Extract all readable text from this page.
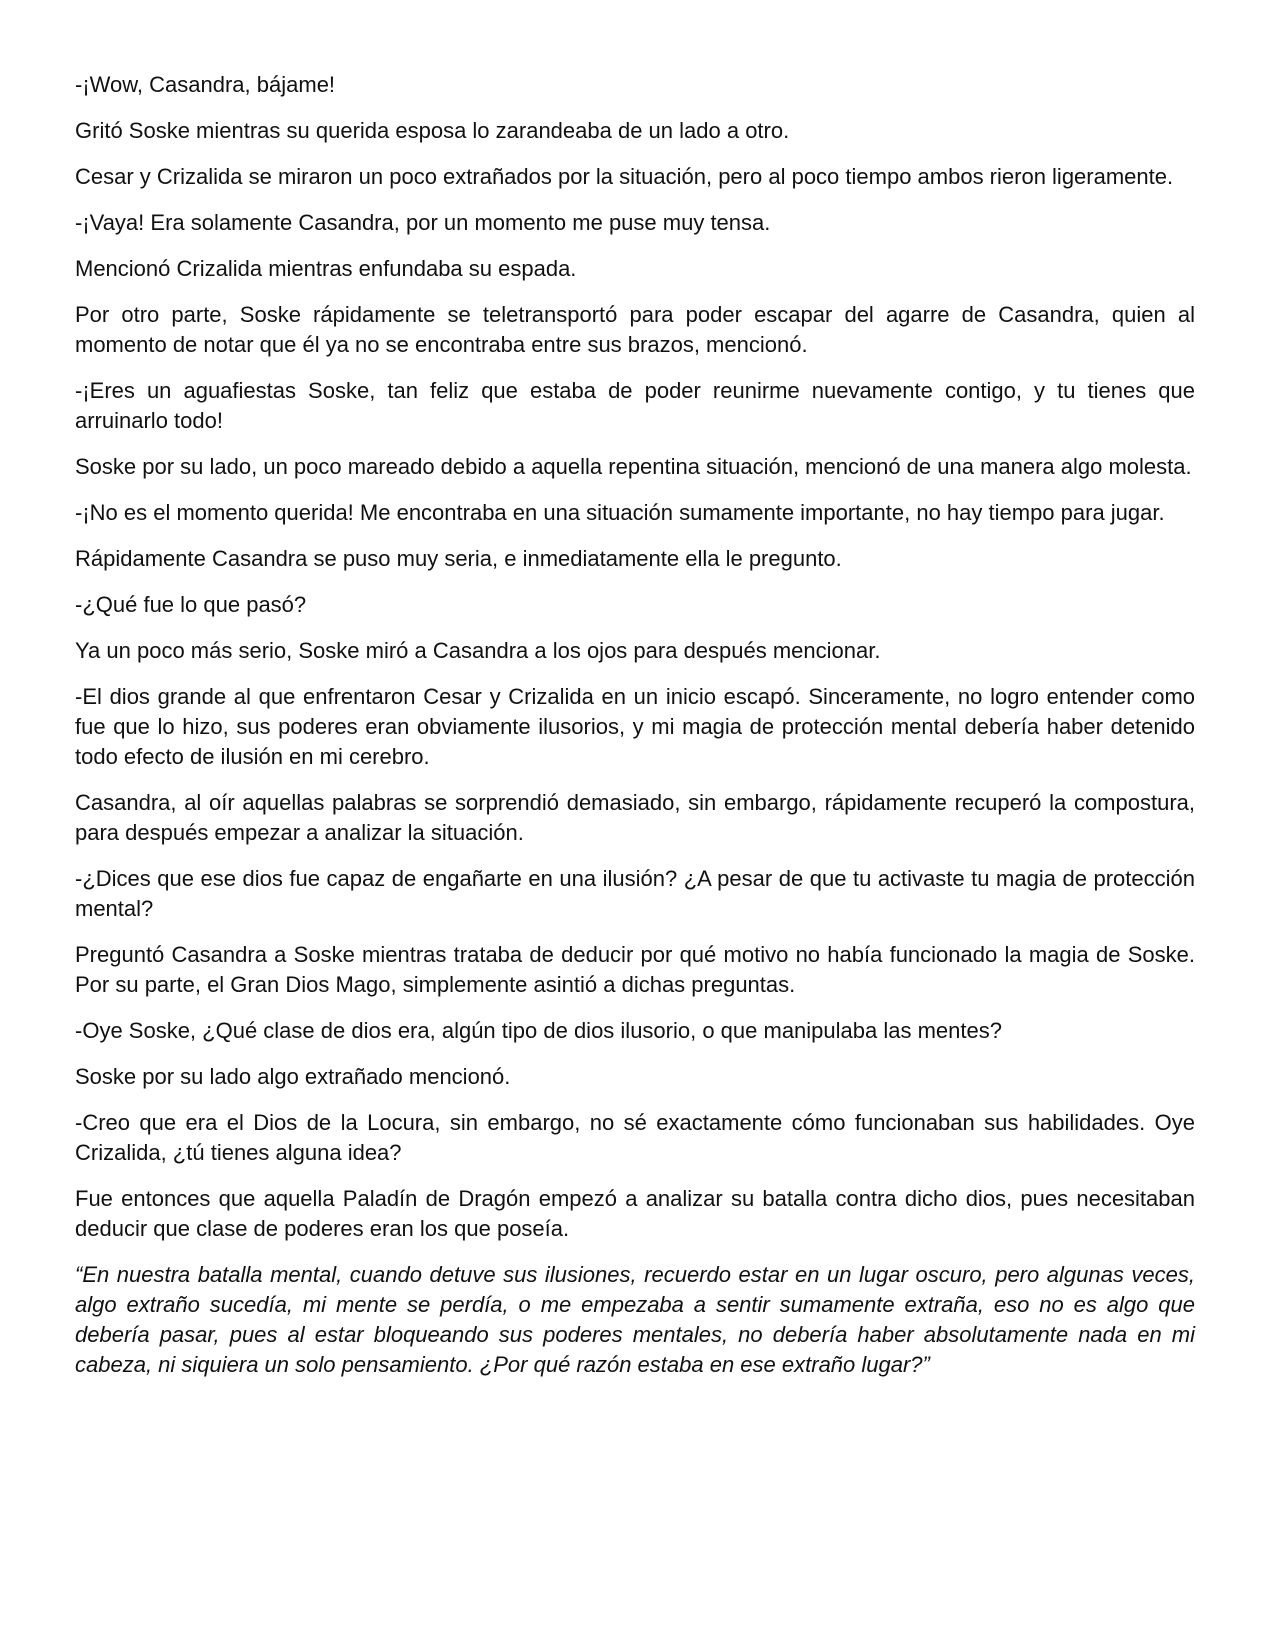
-¡Wow, Casandra, bájame!

Gritó Soske mientras su querida esposa lo zarandeaba de un lado a otro.

Cesar y Crizalida se miraron un poco extrañados por la situación, pero al poco tiempo ambos rieron ligeramente.

-¡Vaya! Era solamente Casandra, por un momento me puse muy tensa.

Mencionó Crizalida mientras enfundaba su espada.

Por otro parte, Soske rápidamente se teletransportó para poder escapar del agarre de Casandra, quien al momento de notar que él ya no se encontraba entre sus brazos, mencionó.

-¡Eres un aguafiestas Soske, tan feliz que estaba de poder reunirme nuevamente contigo, y tu tienes que arruinarlo todo!

Soske por su lado, un poco mareado debido a aquella repentina situación, mencionó de una manera algo molesta.

-¡No es el momento querida! Me encontraba en una situación sumamente importante, no hay tiempo para jugar.

Rápidamente Casandra se puso muy seria, e inmediatamente ella le pregunto.

-¿Qué fue lo que pasó?

Ya un poco más serio, Soske miró a Casandra a los ojos para después mencionar.

-El dios grande al que enfrentaron Cesar y Crizalida en un inicio escapó. Sinceramente, no logro entender como fue que lo hizo, sus poderes eran obviamente ilusorios, y mi magia de protección mental debería haber detenido todo efecto de ilusión en mi cerebro.

Casandra, al oír aquellas palabras se sorprendió demasiado, sin embargo, rápidamente recuperó la compostura, para después empezar a analizar la situación.

-¿Dices que ese dios fue capaz de engañarte en una ilusión? ¿A pesar de que tu activaste tu magia de protección mental?

Preguntó Casandra a Soske mientras trataba de deducir por qué motivo no había funcionado la magia de Soske. Por su parte, el Gran Dios Mago, simplemente asintió a dichas preguntas.

-Oye Soske, ¿Qué clase de dios era, algún tipo de dios ilusorio, o que manipulaba las mentes?

Soske por su lado algo extrañado mencionó.

-Creo que era el Dios de la Locura, sin embargo, no sé exactamente cómo funcionaban sus habilidades. Oye Crizalida, ¿tú tienes alguna idea?

Fue entonces que aquella Paladín de Dragón empezó a analizar su batalla contra dicho dios, pues necesitaban deducir que clase de poderes eran los que poseía.

“En nuestra batalla mental, cuando detuve sus ilusiones, recuerdo estar en un lugar oscuro, pero algunas veces, algo extraño sucedía, mi mente se perdía, o me empezaba a sentir sumamente extraña, eso no es algo que debería pasar, pues al estar bloqueando sus poderes mentales, no debería haber absolutamente nada en mi cabeza, ni siquiera un solo pensamiento. ¿Por qué razón estaba en ese extraño lugar?”
